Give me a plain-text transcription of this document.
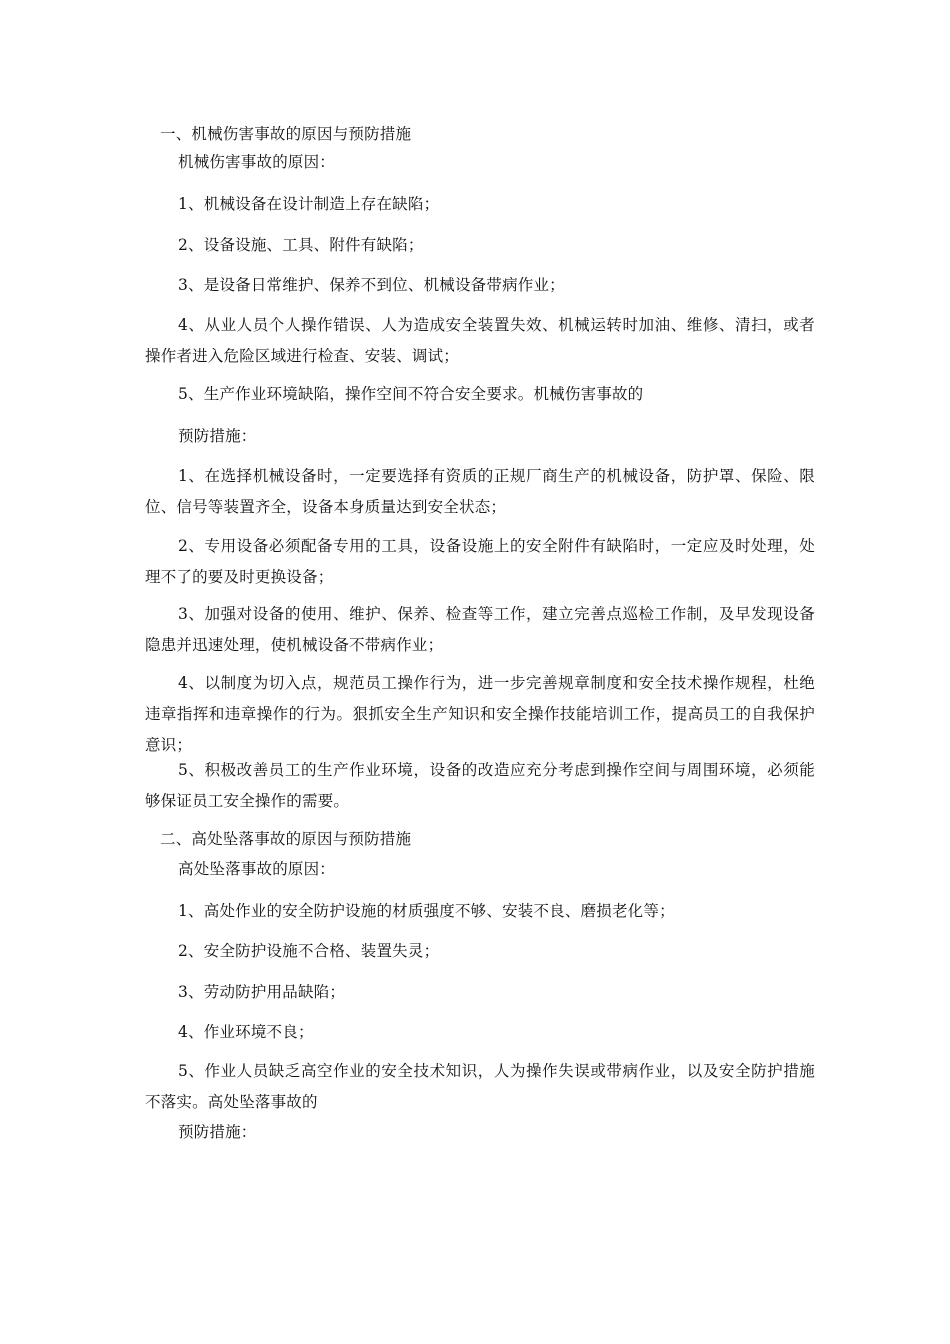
一、机械伤害事故的原因与预防措施
机械伤害事故的原因：
1、机械设备在设计制造上存在缺陷；
2、设备设施、工具、附件有缺陷；
3、是设备日常维护、保养不到位、机械设备带病作业；
4、从业人员个人操作错误、人为造成安全装置失效、机械运转时加油、维修、清扫，或者操作者进入危险区域进行检查、安装、调试；
5、生产作业环境缺陷，操作空间不符合安全要求。机械伤害事故的
预防措施：
1、在选择机械设备时，一定要选择有资质的正规厂商生产的机械设备，防护罩、保险、限位、信号等装置齐全，设备本身质量达到安全状态；
2、专用设备必须配备专用的工具，设备设施上的安全附件有缺陷时，一定应及时处理，处理不了的要及时更换设备；
3、加强对设备的使用、维护、保养、检查等工作，建立完善点巡检工作制，及早发现设备隐患并迅速处理，使机械设备不带病作业；
4、以制度为切入点，规范员工操作行为，进一步完善规章制度和安全技术操作规程，杜绝违章指挥和违章操作的行为。狠抓安全生产知识和安全操作技能培训工作，提高员工的自我保护意识；
5、积极改善员工的生产作业环境，设备的改造应充分考虑到操作空间与周围环境，必须能够保证员工安全操作的需要。
二、高处坠落事故的原因与预防措施
高处坠落事故的原因：
1、高处作业的安全防护设施的材质强度不够、安装不良、磨损老化等；
2、安全防护设施不合格、装置失灵；
3、劳动防护用品缺陷；
4、作业环境不良；
5、作业人员缺乏高空作业的安全技术知识，人为操作失误或带病作业，以及安全防护措施不落实。高处坠落事故的
预防措施：
